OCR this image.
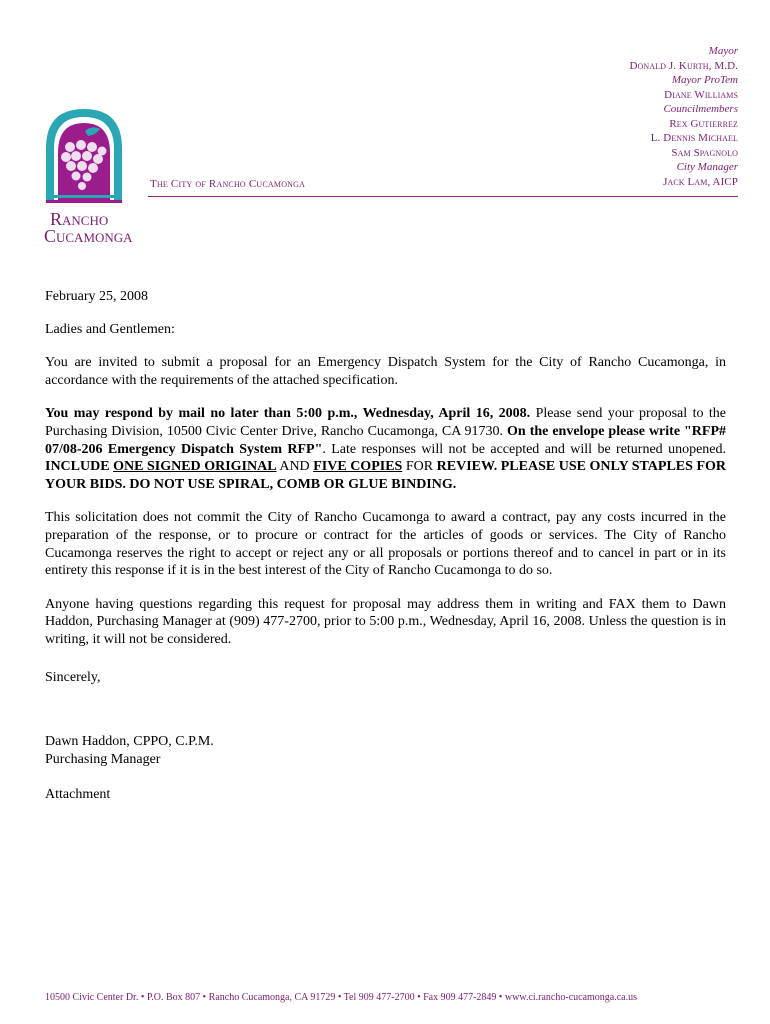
R ANCHO
C UCAMONGA
The City of Rancho Cucamonga
Mayor
Donald J. Kurth, M.D.
Mayor ProTem
Diane Williams
Councilmembers
Rex Gutierrez
L. Dennis Michael
Sam Spagnolo
City Manager
Jack Lam, AICP

February 25, 2008

Ladies and Gentlemen:

You are invited to submit a proposal for an Emergency Dispatch System for the City of Rancho Cucamonga, in accordance with the requirements of the attached specification.

You may respond by mail no later than 5:00 p.m., Wednesday, April 16, 2008. Please send your proposal to the Purchasing Division, 10500 Civic Center Drive, Rancho Cucamonga, CA 91730. On the envelope please write "RFP# 07/08-206 Emergency Dispatch System RFP". Late responses will not be accepted and will be returned unopened. INCLUDE ONE SIGNED ORIGINAL AND FIVE COPIES FOR REVIEW. PLEASE USE ONLY STAPLES FOR YOUR BIDS. DO NOT USE SPIRAL, COMB OR GLUE BINDING.

This solicitation does not commit the City of Rancho Cucamonga to award a contract, pay any costs incurred in the preparation of the response, or to procure or contract for the articles of goods or services. The City of Rancho Cucamonga reserves the right to accept or reject any or all proposals or portions thereof and to cancel in part or in its entirety this response if it is in the best interest of the City of Rancho Cucamonga to do so.

Anyone having questions regarding this request for proposal may address them in writing and FAX them to Dawn Haddon, Purchasing Manager at (909) 477-2700, prior to 5:00 p.m., Wednesday, April 16, 2008. Unless the question is in writing, it will not be considered.

Sincerely,

Dawn Haddon, CPPO, C.P.M.

Purchasing Manager

Attachment

10500 Civic Center Dr. • P.O. Box 807 • Rancho Cucamonga, CA 91729 • Tel 909 477-2700 • Fax 909 477-2849 • www.ci.rancho-cucamonga.ca.us
